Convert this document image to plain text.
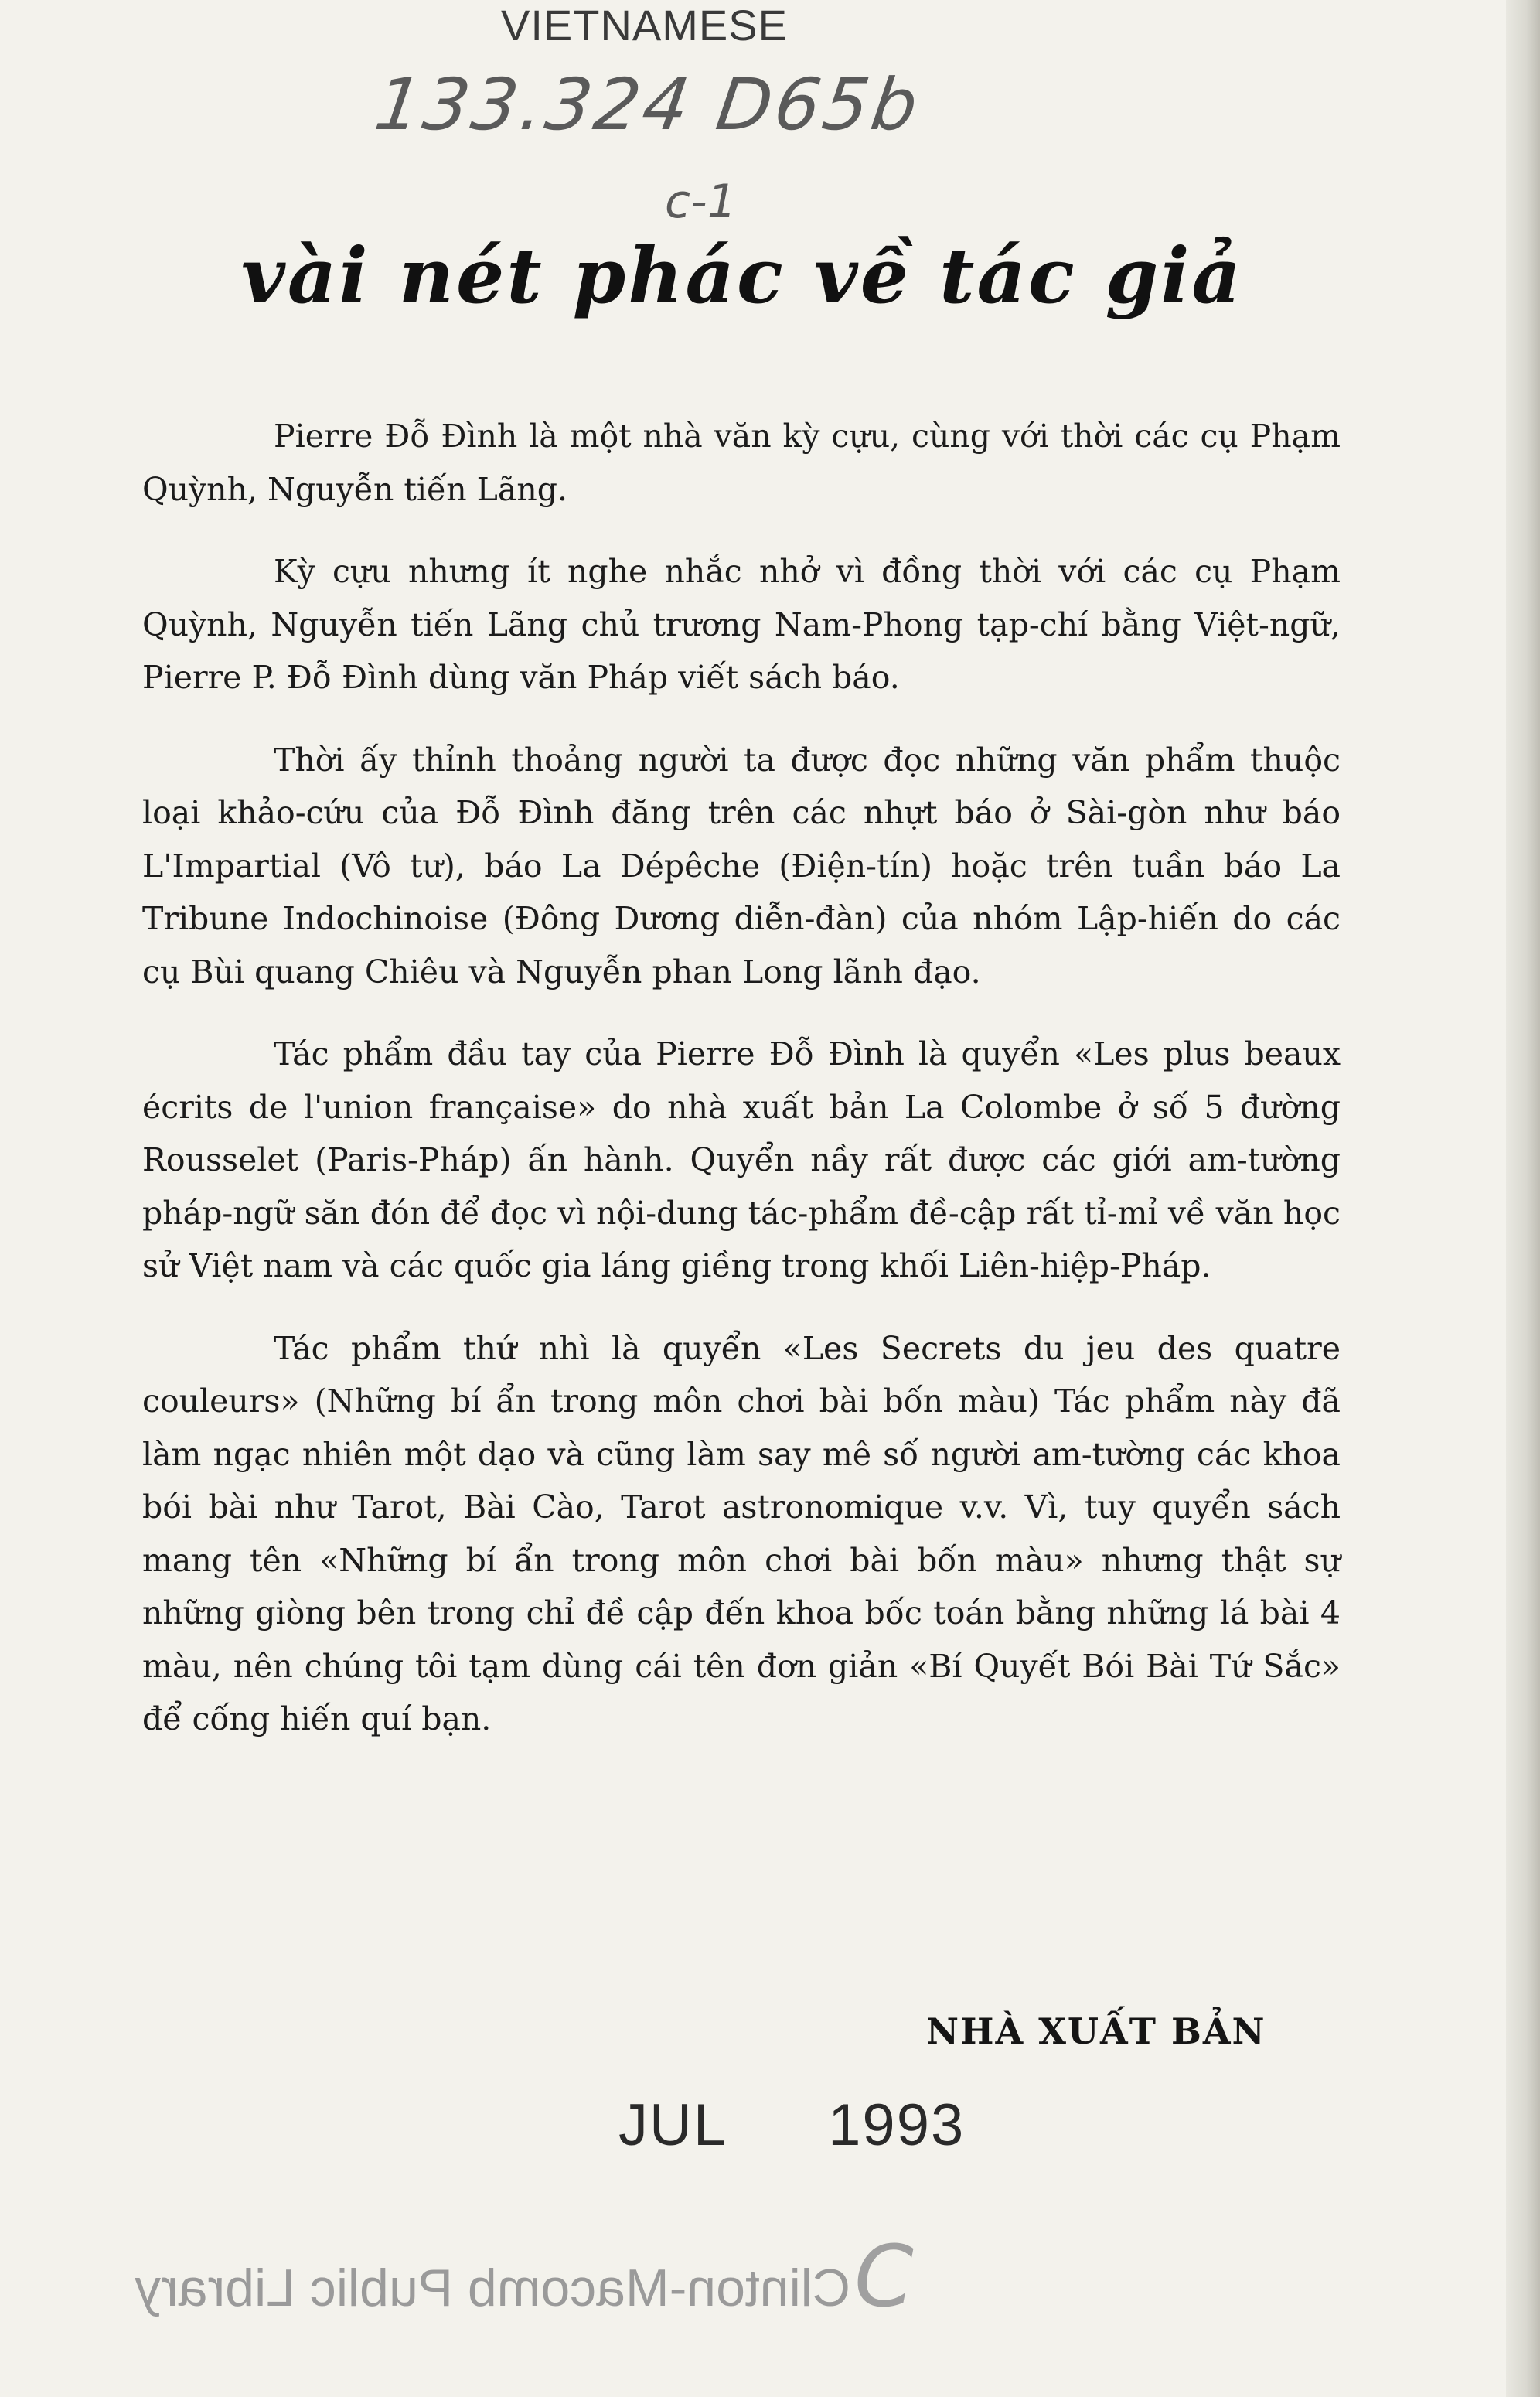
VIETNAMESE
133.324 D65b
c-1
vài nét phác về tác giả

Pierre Đỗ Đình là một nhà văn kỳ cựu, cùng với thời các cụ Phạm Quỳnh, Nguyễn tiến Lãng.

Kỳ cựu nhưng ít nghe nhắc nhở vì đồng thời với các cụ Phạm Quỳnh, Nguyễn tiến Lãng chủ trương Nam-Phong tạp-chí bằng Việt-ngữ, Pierre P. Đỗ Đình dùng văn Pháp viết sách báo.

Thời ấy thỉnh thoảng người ta được đọc những văn phẩm thuộc loại khảo-cứu của Đỗ Đình đăng trên các nhựt báo ở Sài-gòn như báo L'Impartial (Vô tư), báo La Dépêche (Điện-tín) hoặc trên tuần báo La Tribune Indochinoise (Đông Dương diễn-đàn) của nhóm Lập-hiến do các cụ Bùi quang Chiêu và Nguyễn phan Long lãnh đạo.

Tác phẩm đầu tay của Pierre Đỗ Đình là quyển «Les plus beaux écrits de l'union française» do nhà xuất bản La Colombe ở số 5 đường Rousselet (Paris-Pháp) ấn hành. Quyển nầy rất được các giới am-tường pháp-ngữ săn đón để đọc vì nội-dung tác-phẩm đề-cập rất tỉ-mỉ về văn học sử Việt nam và các quốc gia láng giềng trong khối Liên-hiệp-Pháp.

Tác phẩm thứ nhì là quyển «Les Secrets du jeu des quatre couleurs» (Những bí ẩn trong môn chơi bài bốn màu) Tác phẩm này đã làm ngạc nhiên một dạo và cũng làm say mê số người am-tường các khoa bói bài như Tarot, Bài Cào, Tarot astronomique v.v. Vì, tuy quyển sách mang tên «Những bí ẩn trong môn chơi bài bốn màu» nhưng thật sự những giòng bên trong chỉ đề cập đến khoa bốc toán bằng những lá bài 4 màu, nên chúng tôi tạm dùng cái tên đơn giản «Bí Quyết Bói Bài Tứ Sắc» để cống hiến quí bạn.

NHÀ XUẤT BẢN
JUL 1993
Clinton-Macomb Public Library C
